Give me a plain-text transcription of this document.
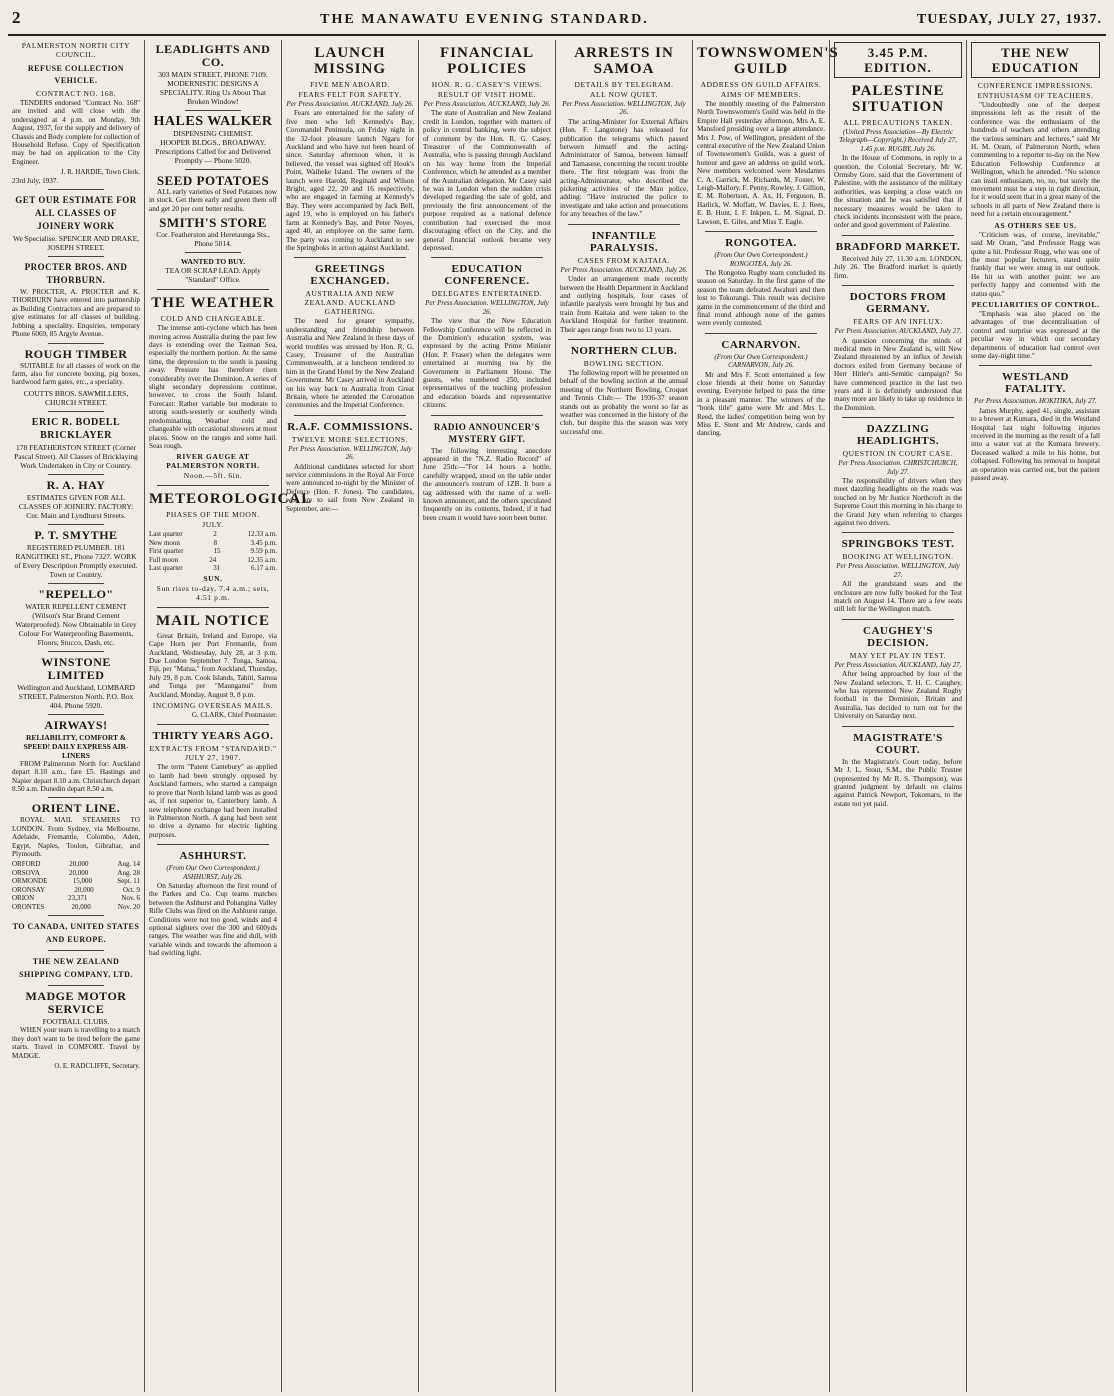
2	THE MANAWATU EVENING STANDARD.	TUESDAY, JULY 27, 1937.
PALMERSTON NORTH CITY COUNCIL.
REFUSE COLLECTION VEHICLE.
CONTRACT NO. 168.

TENDERS endorsed "Contract No. 168" are invited and will close with the undersigned at 4 p.m. on Monday, 9th August, 1937, for the supply and delivery of Chassis and Body complete for collection of Household Refuse. Copy of Specification may be had on application to the City Engineer.

J. R. HARDIE, Town Clerk.
23rd July, 1937.
GET OUR ESTIMATE FOR ALL CLASSES OF JOINERY WORK
We Specialise. SPENCER AND DRAKE, JOSEPH STREET.
PROCTER BROS. AND THORBURN.

W. PROCTER, A. PROCTER and K. THORBURN have entered into partnership as Building Contractors and are prepared to give estimates for all classes of building. Jobbing a speciality. Enquiries, temporary Phone 6069, 85 Argyle Avenue.

ROUGH TIMBER

SUITABLE for all classes of work on the farm, also for concrete boxing, pig boxes, hardwood farm gates, etc., a speciality.

COUTTS BROS. SAWMILLERS, CHURCH STREET.
ERIC R. BODELL BRICKLAYER
178 FEATHERSTON STREET (Corner Pascal Street). All Classes of Bricklaying Work Undertaken in City or Country.
R. A. HAY
ESTIMATES GIVEN FOR ALL CLASSES OF JOINERY. FACTORY: Cnr. Main and Lyndhurst Streets.
P. T. SMYTHE
REGISTERED PLUMBER. 181 RANGITIKEI ST., Phone 7327. WORK of Every Description Promptly executed. Town or Country.
"REPELLO"
WATER REPELLENT CEMENT (Wilson's Star Brand Cement Waterproofed). Now Obtainable in Grey Colour For Waterproofing Basements, Floors, Stucco, Dash, etc.
WINSTONE LIMITED
Wellington and Auckland, LOMBARD STREET, Palmerston North. P.O. Box 404. Phone 5920.
AIRWAYS!
RELIABILITY, COMFORT & SPEED! DAILY EXPRESS AIR-LINERS

FROM Palmerston North for: Auckland depart 8.10 a.m., fare £5. Hastings and Napier depart 8.10 a.m. Christchurch depart 8.50 a.m. Dunedin depart 8.50 a.m.

ORIENT LINE.

ROYAL MAIL STEAMERS TO LONDON. From Sydney, via Melbourne, Adelaide, Fremantle, Colombo, Aden, Egypt, Naples, Toulon, Gibraltar, and Plymouth.

ORFORD	20,000	Aug. 14
ORSOVA	20,000	Aug. 28
ORMONDE	15,000	Sept. 11
ORONSAY	20,000	Oct. 9
ORION	23,371	Nov. 6
ORONTES	20,000	Nov. 20
TO CANADA, UNITED STATES AND EUROPE.
THE NEW ZEALAND SHIPPING COMPANY, LTD.
MADGE MOTOR SERVICE
FOOTBALL CLUBS.

WHEN your team is travelling to a match they don't want to be tired before the game starts. Travel in COMFORT. Travel by MADGE.

O. E. RADCLIFFE, Secretary.
LEADLIGHTS AND CO.
303 MAIN STREET, PHONE 7109.
MODERNISTIC DESIGNS A SPECIALITY. Ring Us About That Broken Window!
HALES WALKER
DISPENSING CHEMIST.
HOOPER BLDGS., BROADWAY. Prescriptions Called for and Delivered Promptly — Phone 5020.
SEED POTATOES

ALL early varieties of Seed Potatoes now in stock. Get them early and green them off and get 20 per cent better results.

SMITH'S STORE
Cor. Featherston and Heretaunga Sts., Phone 5014.
WANTED TO BUY.
TEA OR SCRAP LEAD. Apply "Standard" Office.
THE WEATHER
COLD AND CHANGEABLE.

The intense anti-cyclone which has been moving across Australia during the past few days is extending over the Tasman Sea, especially the northern portion. At the same time, the depression to the south is passing away. Pressure has therefore risen considerably over the Dominion. A series of slight secondary depressions continue, however, to cross the South Island. Forecast: Rather variable but moderate to strong south-westerly or southerly winds predominating. Weather cold and changeable with occasional showers at most places. Snow on the ranges and some hail. Seas rough.

RIVER GAUGE AT PALMERSTON NORTH.
Noon.—5ft. 6in.
METEOROLOGICAL
PHASES OF THE MOON.
JULY.
Last quarter	2	12.33 a.m.
New moon	8	3.45 p.m.
First quarter	15	9.59 p.m.
Full moon	24	12.35 a.m.
Last quarter	31	6.17 a.m.
SUN.
Sun rises to-day, 7.4 a.m.; sets, 4.51 p.m.
MAIL NOTICE

Great Britain, Ireland and Europe, via Cape Horn per Port Fremantle, from Auckland, Wednesday, July 28, at 3 p.m. Due London September 7. Tonga, Samoa, Fiji, per "Matua," from Auckland, Thursday, July 29, 8 p.m. Cook Islands, Tahiti, Samoa and Tonga per "Maunganui" from Auckland, Monday, August 9, 8 p.m.

INCOMING OVERSEAS MAILS.
G. CLARK, Chief Postmaster.
THIRTY YEARS AGO.
EXTRACTS FROM "STANDARD." JULY 27, 1907.

The term "Patent Cantebury" as applied to lamb had been strongly opposed by Auckland farmers, who started a campaign to prove that North Island lamb was as good as, if not superior to, Canterbury lamb. A new telephone exchange had been installed in Palmerston North. A gang had been sent to drive a dynamo for electric lighting purposes.

ASHHURST.
(From Our Own Correspondent.) ASHHURST, July 26.

On Saturday afternoon the first round of the Parkes and Co. Cup teams matches between the Ashhurst and Pohangina Valley Rifle Clubs was fired on the Ashhurst range. Conditions were not too good, winds and 4 optional sighters over the 300 and 600yds ranges. The weather was fine and dull, with variable winds and towards the afternoon a bad swirling light.

LAUNCH MISSING
FIVE MEN ABOARD.
FEARS FELT FOR SAFETY.
Per Press Association. AUCKLAND, July 26.

Fears are entertained for the safety of five men who left Kennedy's Bay, Coromandel Peninsula, on Friday night in the 32-foot pleasure launch Ngaru for Auckland and who have not been heard of since. Saturday afternoon when, it is believed, the vessel was sighted off Hook's Point, Waiheke Island. The owners of the launch were Harold, Reginald and Wilson Bright, aged 22, 20 and 16 respectively, who are engaged in farming at Kennedy's Bay. They were accompanied by Jack Bell, aged 19, who is employed on his father's farm at Kennedy's Bay, and Peter Noyes, aged 40, an employee on the same farm. The party was coming to Auckland to see the Springboks in action against Auckland.

GREETINGS EXCHANGED.
AUSTRALIA AND NEW ZEALAND. AUCKLAND GATHERING.

The need for greater sympathy, understanding and friendship between Australia and New Zealand in these days of world troubles was stressed by Hon. R. G. Casey, Treasurer of the Australian Commonwealth, at a luncheon tendered to him in the Grand Hotel by the New Zealand Government. Mr Casey arrived in Auckland on his way back to Australia from Great Britain, where he attended the Coronation ceremonies and the Imperial Conference.

R.A.F. COMMISSIONS.
TWELVE MORE SELECTIONS.
Per Press Association. WELLINGTON, July 26.

Additional candidates selected for short service commissions in the Royal Air Force were announced to-night by the Minister of Defence (Hon. F. Jones). The candidates, who are to sail from New Zealand in September, are:—

FINANCIAL POLICIES
HON. R. G. CASEY'S VIEWS.
RESULT OF VISIT HOME.
Per Press Association. AUCKLAND, July 26.

The state of Australian and New Zealand credit in London, together with matters of policy in central banking, were the subject of comment by the Hon. R. G. Casey, Treasurer of the Commonwealth of Australia, who is passing through Auckland on his way home from the Imperial Conference, which he attended as a member of the Australian delegation. Mr Casey said he was in London when the sudden crisis developed regarding the sale of gold, and previously the first announcement of the purpose required as a national defence contribution had exercised the most discouraging effect on the City, and the general financial outlook became very depressed.

EDUCATION CONFERENCE.
DELEGATES ENTERTAINED.
Per Press Association. WELLINGTON, July 26.

The view that the New Education Fellowship Conference will be reflected in the Dominion's education system, was expressed by the acting Prime Minister (Hon. P. Fraser) when the delegates were entertained at morning tea by the Government in Parliament House. The guests, who numbered 250, included representatives of the teaching profession and education boards and representative citizens.

RADIO ANNOUNCER'S MYSTERY GIFT.

The following interesting anecdote appeared in the "N.Z. Radio Record" of June 25th:—"For 14 hours a bottle, carefully wrapped, stood on the table under the announcer's rostrum of 1ZB. It bore a tag addressed with the name of a well-known announcer, and the others speculated frequently on its contents. Indeed, if it had been cream it would have soon been butter.

ARRESTS IN SAMOA
DETAILS BY TELEGRAM.
ALL NOW QUIET.
Per Press Association. WELLINGTON, July 26.

The acting-Minister for External Affairs (Hon. F. Langstone) has released for publication the telegrams which passed between himself and the acting-Administrator of Samoa, between himself and Tamasese, concerning the recent trouble there. The first telegram was from the acting-Administrator, who described the picketing activities of the Mau police, adding: "Have instructed the police to investigate and take action and prosecutions for any breaches of the law."

INFANTILE PARALYSIS.
CASES FROM KAITAIA.
Per Press Association. AUCKLAND, July 26.

Under an arrangement made recently between the Health Department in Auckland and outlying hospitals, four cases of infantile paralysis were brought by bus and train from Kaitaia and were taken to the Auckland Hospital for further treatment. Their ages range from two to 13 years.

NORTHERN CLUB.
BOWLING SECTION.

The following report will be presented on behalf of the bowling section at the annual meeting of the Northern Bowling, Croquet and Tennis Club:— The 1936-37 season stands out as probably the worst so far as weather was concerned in the history of the club, but despite this the season was very successful one.

TOWNSWOMEN'S GUILD
ADDRESS ON GUILD AFFAIRS.
AIMS OF MEMBERS.

The monthly meeting of the Palmerston North Townswomen's Guild was held in the Empire Hall yesterday afternoon, Mrs A. E. Mansford presiding over a large attendance. Mrs J. Pow, of Wellington, president of the central executive of the New Zealand Union of Townswomen's Guilds, was a guest of honour and gave an address on guild work. New members welcomed were Mesdames C. A. Garrick, M. Richards, M. Foster, W. Leigh-Mallory, F. Penny, Rowley, J. Gillion, E. M. Robertson, A. Ax, H. Ferguson, B. Harlick, W. Moffatt, W. Davies, E. J. Rees, E. B. Hunt, I. F. Inkpen, L. M. Signal, D. Lawson, E. Giles, and Miss T. Eagle.

RONGOTEA.
(From Our Own Correspondent.) RONGOTEA, July 26.

The Rongotea Rugby team concluded its season on Saturday. In the first game of the season the team defeated Awahuri and then lost to Tokorangi. This result was decisive game in the commencement of the third and final round although none of the games were evenly contested.

CARNARVON.
(From Our Own Correspondent.) CARNARVON, July 26.

Mr and Mrs F. Scott entertained a few close friends at their home on Saturday evening. Everyone helped to pass the time in a pleasant manner. The winners of the "book title" game were Mr and Mrs L. Reed, the ladies' competition being won by Miss E. Stent and Mr Andrew, cards and dancing.

3.45 P.M. EDITION.
PALESTINE SITUATION
ALL PRECAUTIONS TAKEN.
(United Press Association—By Electric Telegraph—Copyright.) Received July 27, 1.45 p.m. RUGBY, July 26.

In the House of Commons, in reply to a question, the Colonial Secretary, Mr W. Ormsby Gore, said that the Government of Palestine, with the assistance of the military authorities, was keeping a close watch on the situation and he was satisfied that if necessary measures would be taken to check incidents inconsistent with the peace, order and good government of Palestine.

BRADFORD MARKET.

Received July 27, 11.30 a.m. LONDON, July 26. The Bradford market is quietly firm.

DOCTORS FROM GERMANY.
FEARS OF AN INFLUX.
Per Press Association. AUCKLAND, July 27.

A question concerning the minds of medical men in New Zealand is, will New Zealand threatened by an influx of Jewish doctors exiled from Germany because of Herr Hitler's anti-Semitic campaign? So have commenced practice in the last two years and it is definitely understood that many more are likely to take up residence in the Dominion.

DAZZLING HEADLIGHTS.
QUESTION IN COURT CASE.
Per Press Association. CHRISTCHURCH, July 27.

The responsibility of drivers when they meet dazzling headlights on the roads was touched on by Mr Justice Northcroft in the Supreme Court this morning in his charge to the Grand Jury when referring to charges against two drivers.

SPRINGBOKS TEST.
BOOKING AT WELLINGTON.
Per Press Association. WELLINGTON, July 27.

All the grandstand seats and the enclosure are now fully booked for the Test match on August 14. There are a few seats still left for the Wellington match.

CAUGHEY'S DECISION.
MAY YET PLAY IN TEST.
Per Press Association. AUCKLAND, July 27.

After being approached by four of the New Zealand selectors, T. H. C. Caughey, who has represented New Zealand Rugby football in the Dominion, Britain and Australia, has decided to turn out for the University on Saturday next.

MAGISTRATE'S COURT.

In the Magistrate's Court today, before Mr J. L. Stout, S.M., the Public Trustee (represented by Mr R. S. Thompson), was granted judgment by default on claims against Patrick Newport, Tokomaru, to the estate not yet paid.

THE NEW EDUCATION
CONFERENCE IMPRESSIONS.
ENTHUSIASM OF TEACHERS.

"Undoubtedly one of the deepest impressions left as the result of the conference was the enthusiasm of the hundreds of teachers and others attending the various seminars and lectures," said Mr H. M. Oram, of Palmerston North, when commenting to a reporter to-day on the New Education Fellowship Conference at Wellington, which he attended. "No science can instil enthusiasm, no, no, but surely the movement must be a step in right direction, for it would seem that in a great many of the schools in all parts of New Zealand there is need for a certain encouragement."

AS OTHERS SEE US.

"Criticism was, of course, inevitable," said Mr Oram, "and Professor Rugg was quite a hit. Professor Rugg, who was one of the most popular lecturers, stated quite frankly that we were smug in our outlook. He hit us with another point: we are perfectly happy and contented with the status quo."

PECULIARITIES OF CONTROL.

"Emphasis was also placed on the advantages of true decentralisation of control and surprise was expressed at the peculiar way in which our secondary departments of education had control over some day-night time."

WESTLAND FATALITY.
Per Press Association. HOKITIKA, July 27.

James Murphy, aged 41, single, assistant to a brewer at Kumara, died in the Westland Hospital last night following injuries received in the morning as the result of a fall into a water vat at the Kumara brewery. Deceased walked a mile to his home, but collapsed. Following his removal to hospital an operation was carried out, but the patient passed away.
